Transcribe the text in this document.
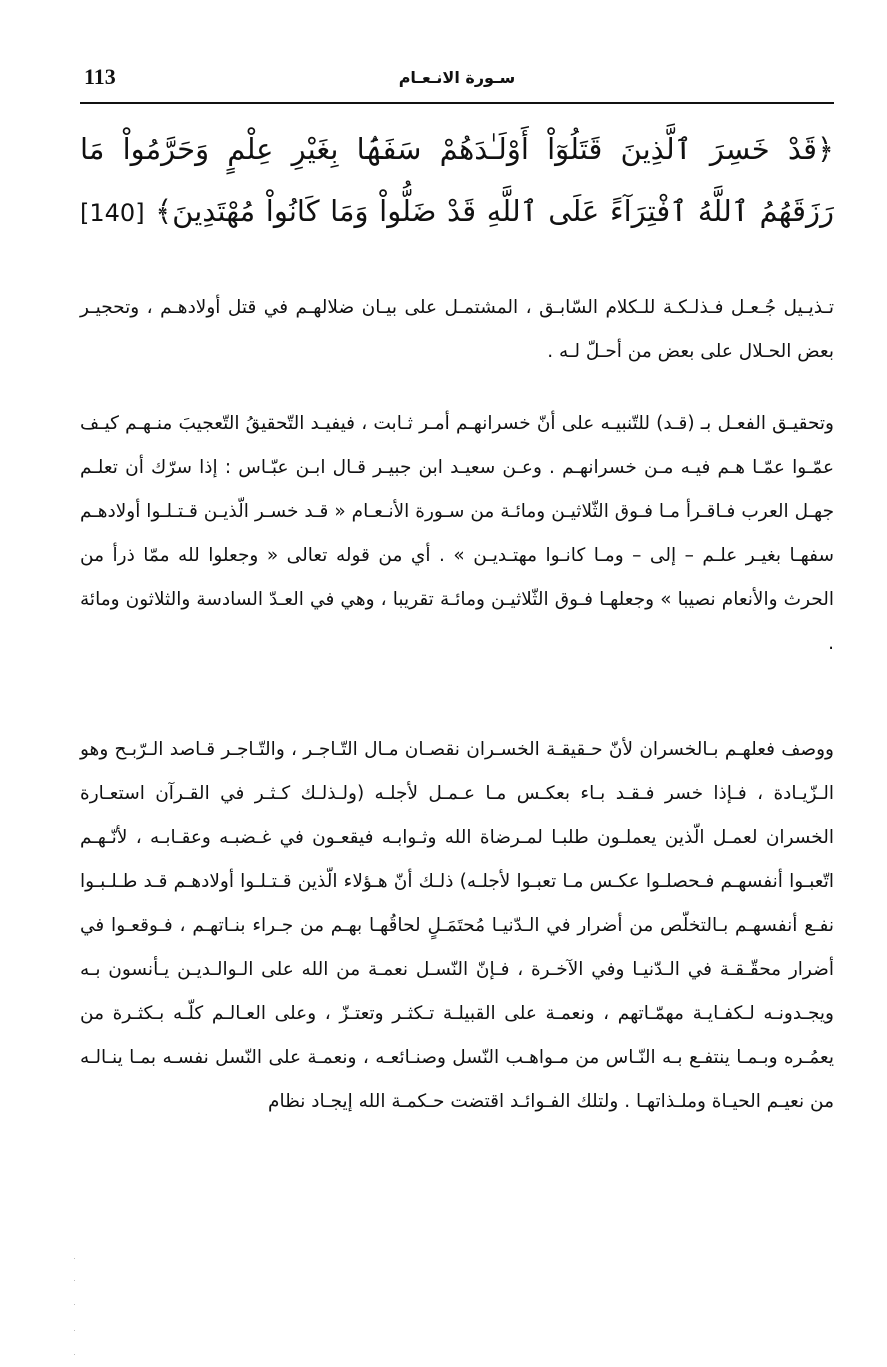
113	سـورة الانـعـام
﴿قَدْ خَسِرَ ٱلَّذِينَ قَتَلُوٓاْ أَوْلَـٰدَهُمْ سَفَهَۢا بِغَيْرِ عِلْمٍ وَحَرَّمُواْ مَا رَزَقَهُمُ ٱللَّهُ ٱفْتِرَآءً عَلَى ٱللَّهِ قَدْ ضَلُّواْ وَمَا كَانُواْ مُهْتَدِينَ﴾ [140]

تـذيـيل جُـعـل فـذلـكـة للـكلام السّابـق ، المشتمـل على بيـان ضلالهـم في قتل أولادهـم ، وتحجيـر بعض الحـلال على بعض من أحـلّ لـه .

وتحقيـق الفعـل بـ (قـد) للتّنبيـه على أنّ خسرانهـم أمـر ثـابت ، فيفيـد التّحقيقُ التّعجيبَ منـهـم كيـف عمّـوا عمّـا هـم فيـه مـن خسرانهـم . وعـن سعيـد ابن جبيـر قـال ابـن عبّـاس : إذا سرّك أن تعلـم جهـل العرب فـاقـرأ مـا فـوق الثّلاثيـن ومائـة من سـورة الأنـعـام « قـد خسـر الّذيـن قـتـلـوا أولادهـم سفهـا بغيـر علـم – إلى – ومـا كانـوا مهتـديـن » . أي من قوله تعالى « وجعلوا لله ممّا ذرأ من الحرث والأنعام نصيبا » وجعلهـا فـوق الثّلاثيـن ومائـة تقريبا ، وهي في العـدّ السادسة والثلاثون ومائة .

ووصف فعلهـم بـالخسران لأنّ حـقيقـة الخسـران نقصـان مـال التّـاجـر ، والتّـاجـر قـاصد الـرّبـح وهو الـزّيـادة ، فـإذا خسر فـقـد بـاء بعكـس مـا عـمـل لأجلـه (ولـذلـك كـثـر في القـرآن استعـارة الخسران لعمـل الّذين يعملـون طلبـا لمـرضاة الله وثـوابـه فيقعـون في غـضبـه وعقـابـه ، لأنّـهـم اتّعبـوا أنفسهـم فـحصلـوا عكـس مـا تعبـوا لأجلـه) ذلـك أنّ هـؤلاء الّذين قـتـلـوا أولادهـم قـد طـلـبـوا نفـع أنفسهـم بـالتخلّص من أضرار في الـدّنيـا مُحتَمَـلٍ لحاقُهـا بهـم من جـراء بنـاتهـم ، فـوقعـوا في أضرار محقّـقـة في الـدّنيـا وفي الآخـرة ، فـإنّ النّسـل نعمـة من الله على الـوالـديـن يـأنسون بـه ويجـدونـه لـكفـايـة مهمّـاتهم ، ونعمـة على القبيلـة تـكثـر وتعتـزّ ، وعلى العـالـم كلّـه بـكثـرة من يعمُـره وبـمـا ينتفـع بـه النّـاس من مـواهـب النّسل وصنـائعـه ، ونعمـة على النّسل نفسـه بمـا ينـالـه من نعيـم الحيـاة وملـذاتهـا . ولتلك الفـوائـد اقتضت حـكمـة الله إيجـاد نظام
